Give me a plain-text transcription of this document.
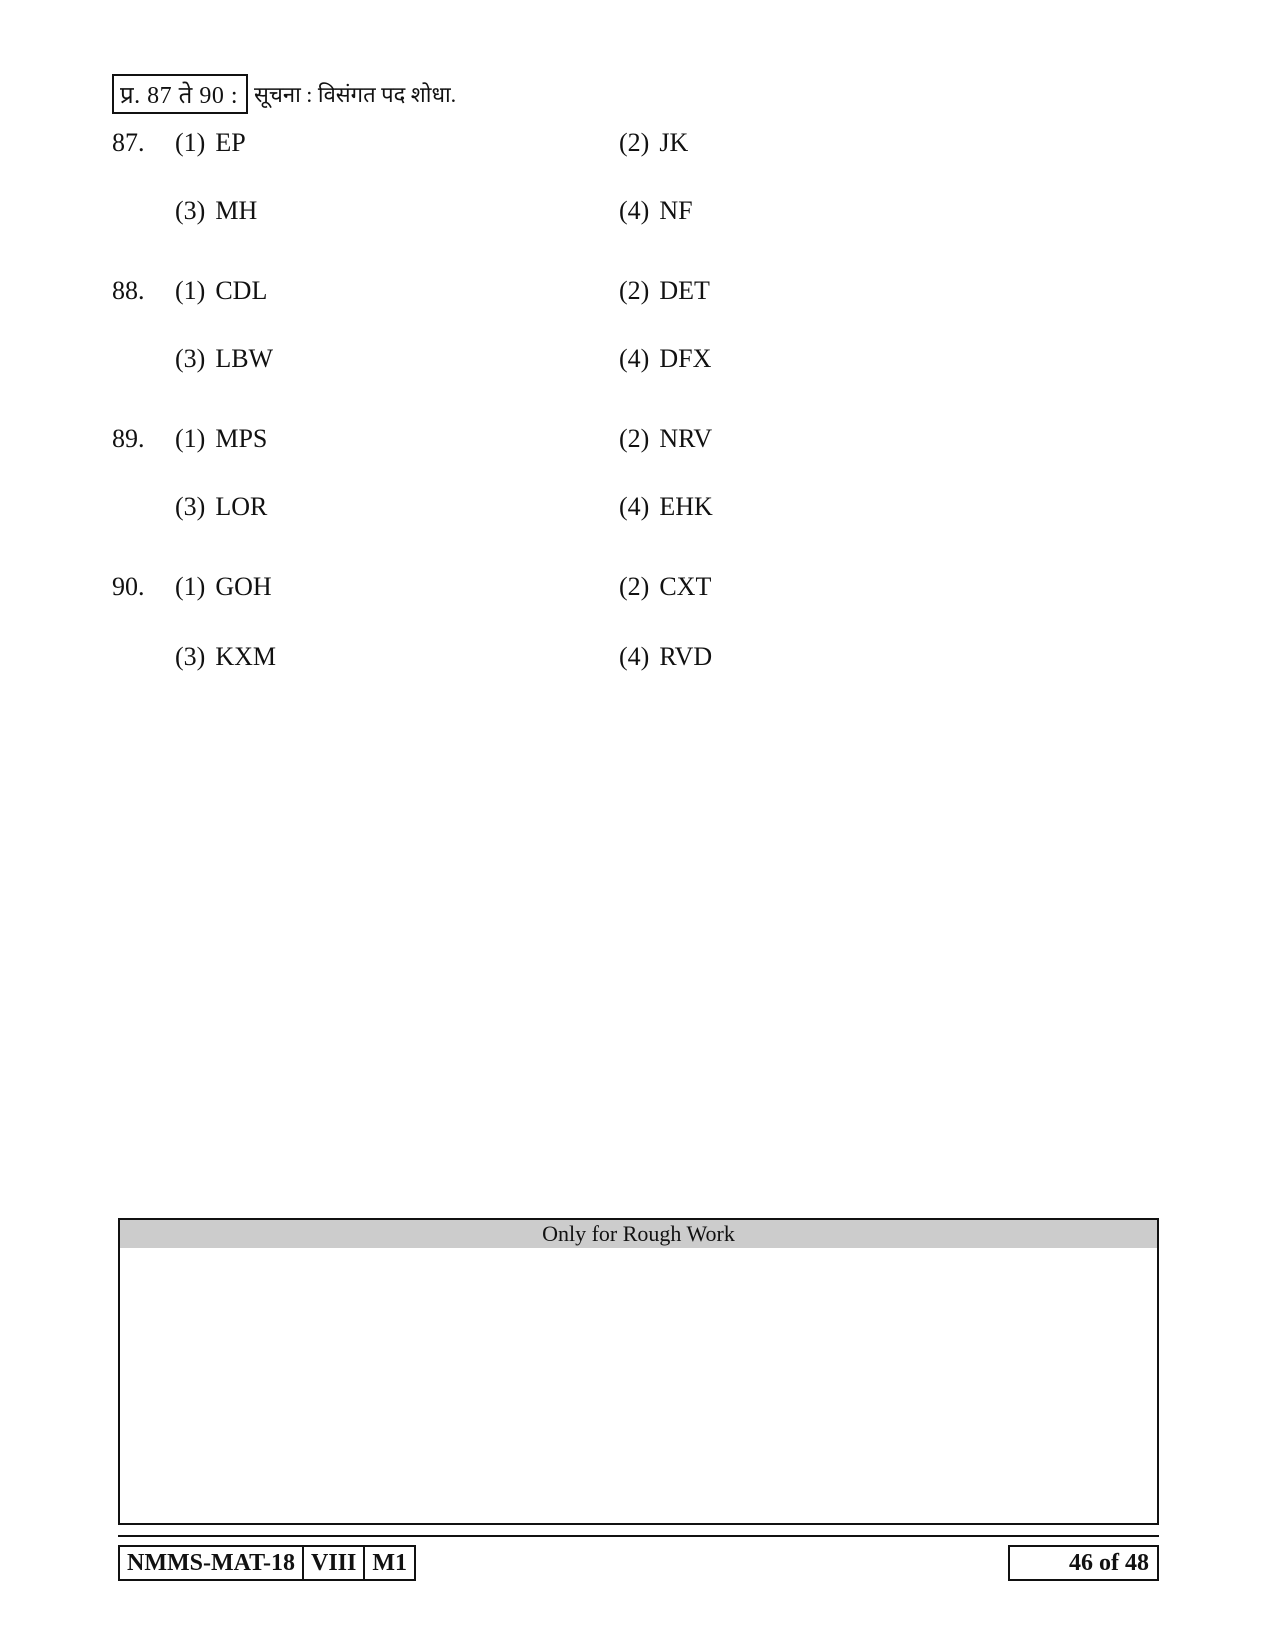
प्र. 87 ते 90 : सूचना : विसंगत पद शोधा.
87. (1) EP	(2) JK
(3) MH	(4) NF
88. (1) CDL	(2) DET
(3) LBW	(4) DFX
89. (1) MPS	(2) NRV
(3) LOR	(4) EHK
90. (1) GOH	(2) CXT
(3) KXM	(4) RVD
Only for Rough Work
NMMS-MAT-18 VIII M1	46 of 48
